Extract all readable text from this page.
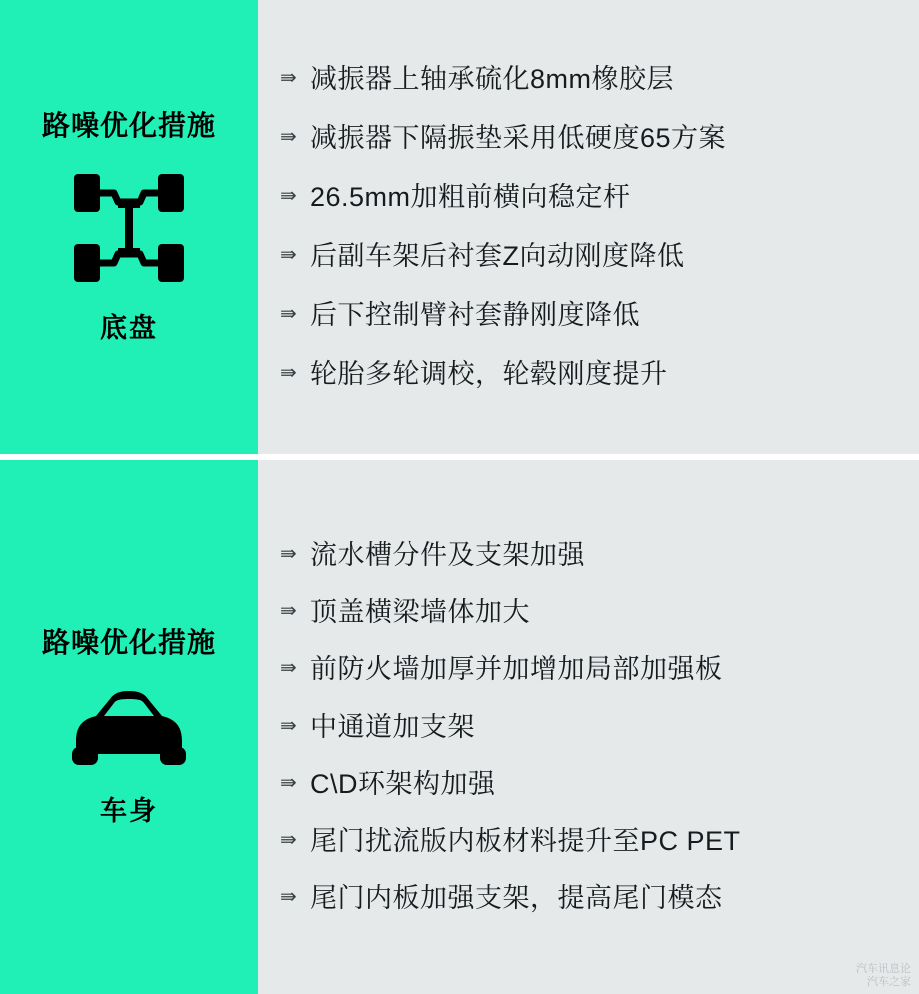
路噪优化措施
底盘
⇛ 减振器上轴承硫化8mm橡胶层
⇛ 减振器下隔振垫采用低硬度65方案
⇛ 26.5mm加粗前横向稳定杆
⇛ 后副车架后衬套Z向动刚度降低
⇛ 后下控制臂衬套静刚度降低
⇛ 轮胎多轮调校，轮毂刚度提升
路噪优化措施
车身
⇛ 流水槽分件及支架加强
⇛ 顶盖横梁墙体加大
⇛ 前防火墙加厚并加增加局部加强板
⇛ 中通道加支架
⇛ C\D环架构加强
⇛ 尾门扰流版内板材料提升至PC PET
⇛ 尾门内板加强支架，提高尾门模态
汽车讯息论
汽车之家
